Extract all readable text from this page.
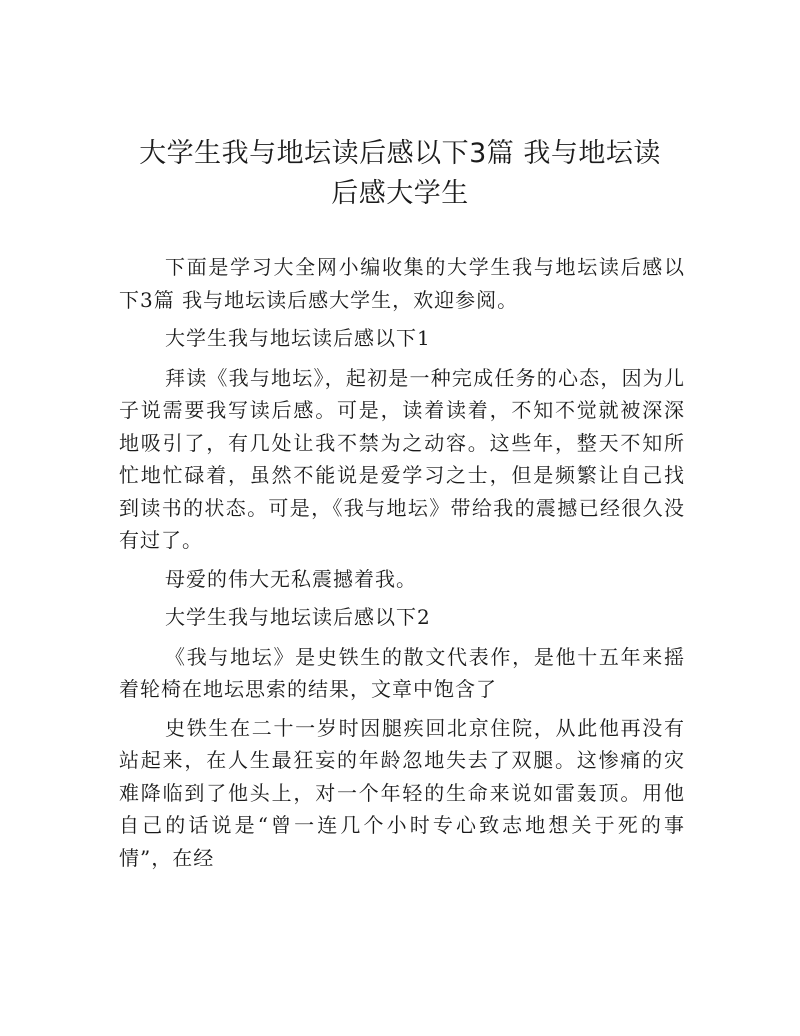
大学生我与地坛读后感以下3篇 我与地坛读
后感大学生

下面是学习大全网小编收集的大学生我与地坛读后感以下3篇 我与地坛读后感大学生，欢迎参阅。

大学生我与地坛读后感以下1

拜读《我与地坛》，起初是一种完成任务的心态，因为儿子说需要我写读后感。可是，读着读着，不知不觉就被深深地吸引了，有几处让我不禁为之动容。这些年，整天不知所忙地忙碌着，虽然不能说是爱学习之士，但是频繁让自己找到读书的状态。可是，《我与地坛》带给我的震撼已经很久没有过了。

母爱的伟大无私震撼着我。

大学生我与地坛读后感以下2

《我与地坛》是史铁生的散文代表作，是他十五年来摇着轮椅在地坛思索的结果，文章中饱含了

史铁生在二十一岁时因腿疾回北京住院，从此他再没有站起来，在人生最狂妄的年龄忽地失去了双腿。这惨痛的灾难降临到了他头上，对一个年轻的生命来说如雷轰顶。用他自己的话说是“曾一连几个小时专心致志地想关于死的事情”，在经
